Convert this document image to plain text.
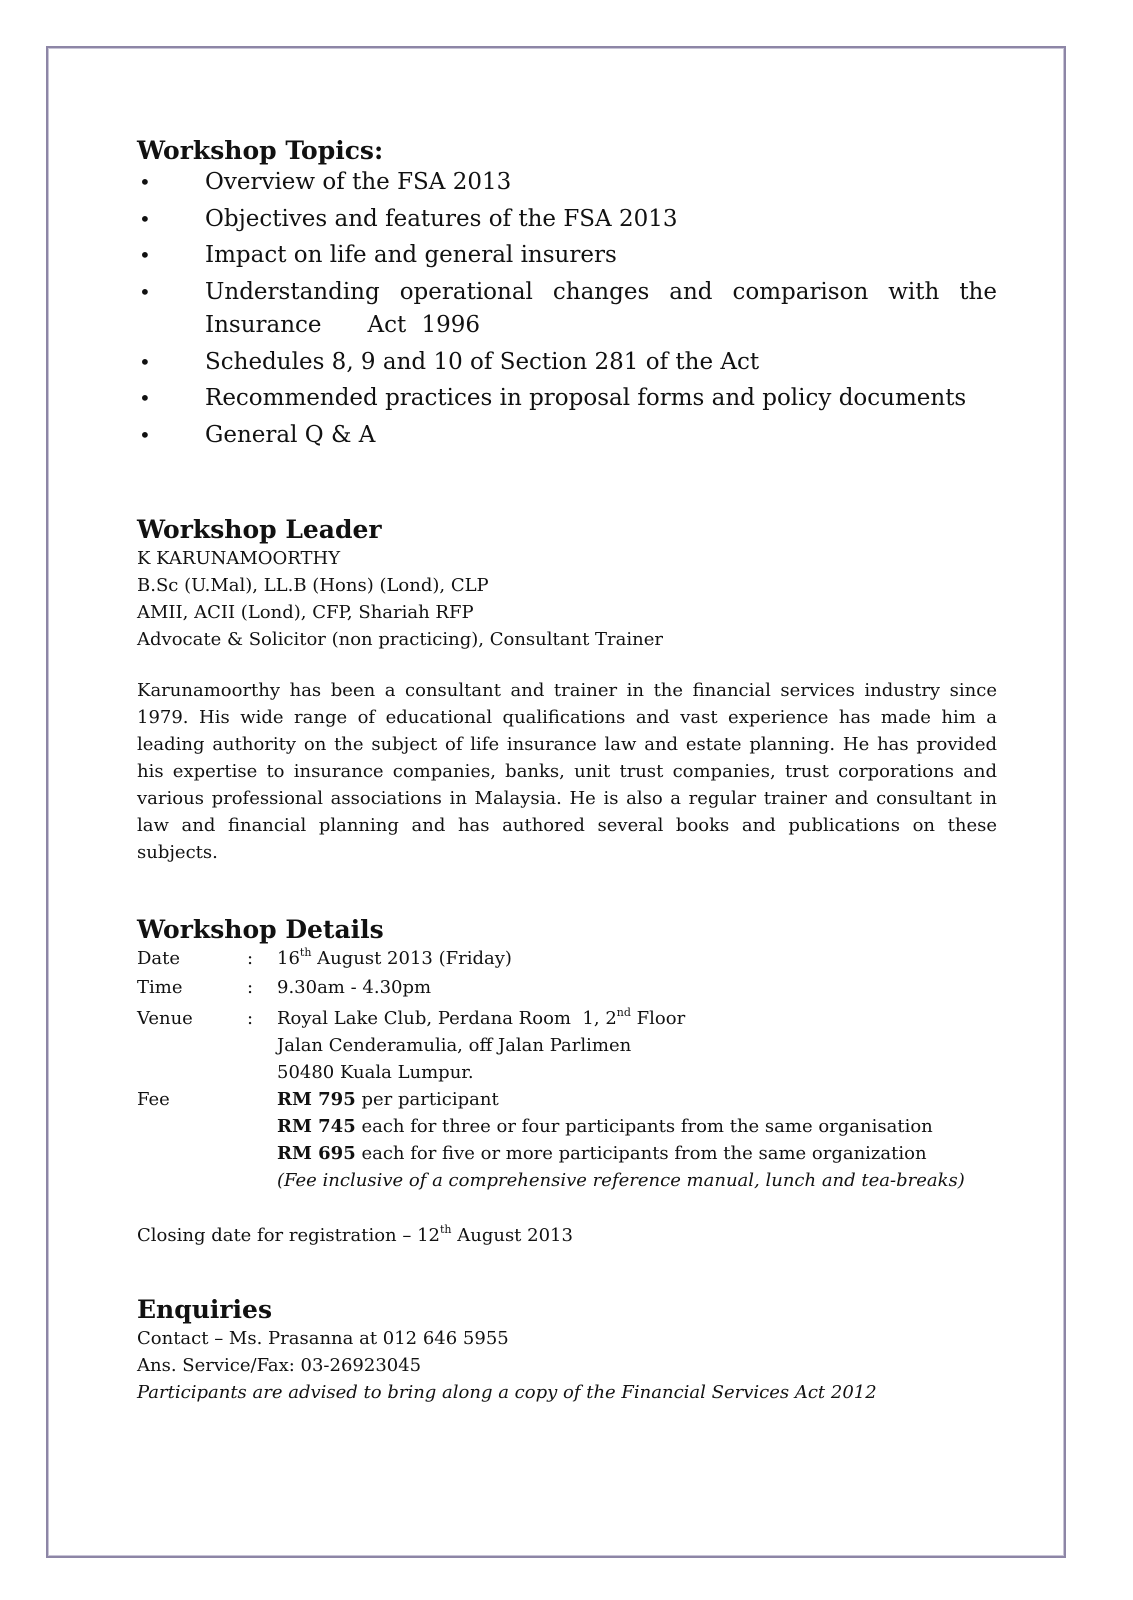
Workshop Topics:
• Overview of the FSA 2013
• Objectives and features of the FSA 2013
• Impact on life and general insurers
• Understanding operational changes and comparison with the Insurance   Act 1996
• Schedules 8, 9 and 10 of Section 281 of the Act
• Recommended practices in proposal forms and policy documents
• General Q & A
Workshop Leader
K KARUNAMOORTHY
B.Sc (U.Mal), LL.B (Hons) (Lond), CLP
AMII, ACII (Lond), CFP, Shariah RFP
Advocate & Solicitor (non practicing), Consultant Trainer

Karunamoorthy has been a consultant and trainer in the financial services industry since 1979. His wide range of educational qualifications and vast experience has made him a leading authority on the subject of life insurance law and estate planning. He has provided his expertise to insurance companies, banks, unit trust companies, trust corporations and various professional associations in Malaysia. He is also a regular trainer and consultant in law and financial planning and has authored several books and publications on these subjects.

Workshop Details
Date	:	16th August 2013 (Friday)
Time	:	9.30am - 4.30pm
Venue	:	Royal Lake Club, Perdana Room  1, 2nd Floor
Jalan Cenderamulia, off Jalan Parlimen
50480 Kuala Lumpur.

Fee		RM 795 per participant
RM 745 each for three or four participants from the same organisation
RM 695 each for five or more participants from the same organization
(Fee inclusive of a comprehensive reference manual, lunch and tea-breaks)
Closing date for registration – 12th August 2013
Enquiries
Contact – Ms. Prasanna at 012 646 5955
Ans. Service/Fax: 03-26923045
Participants are advised to bring along a copy of the Financial Services Act 2012
